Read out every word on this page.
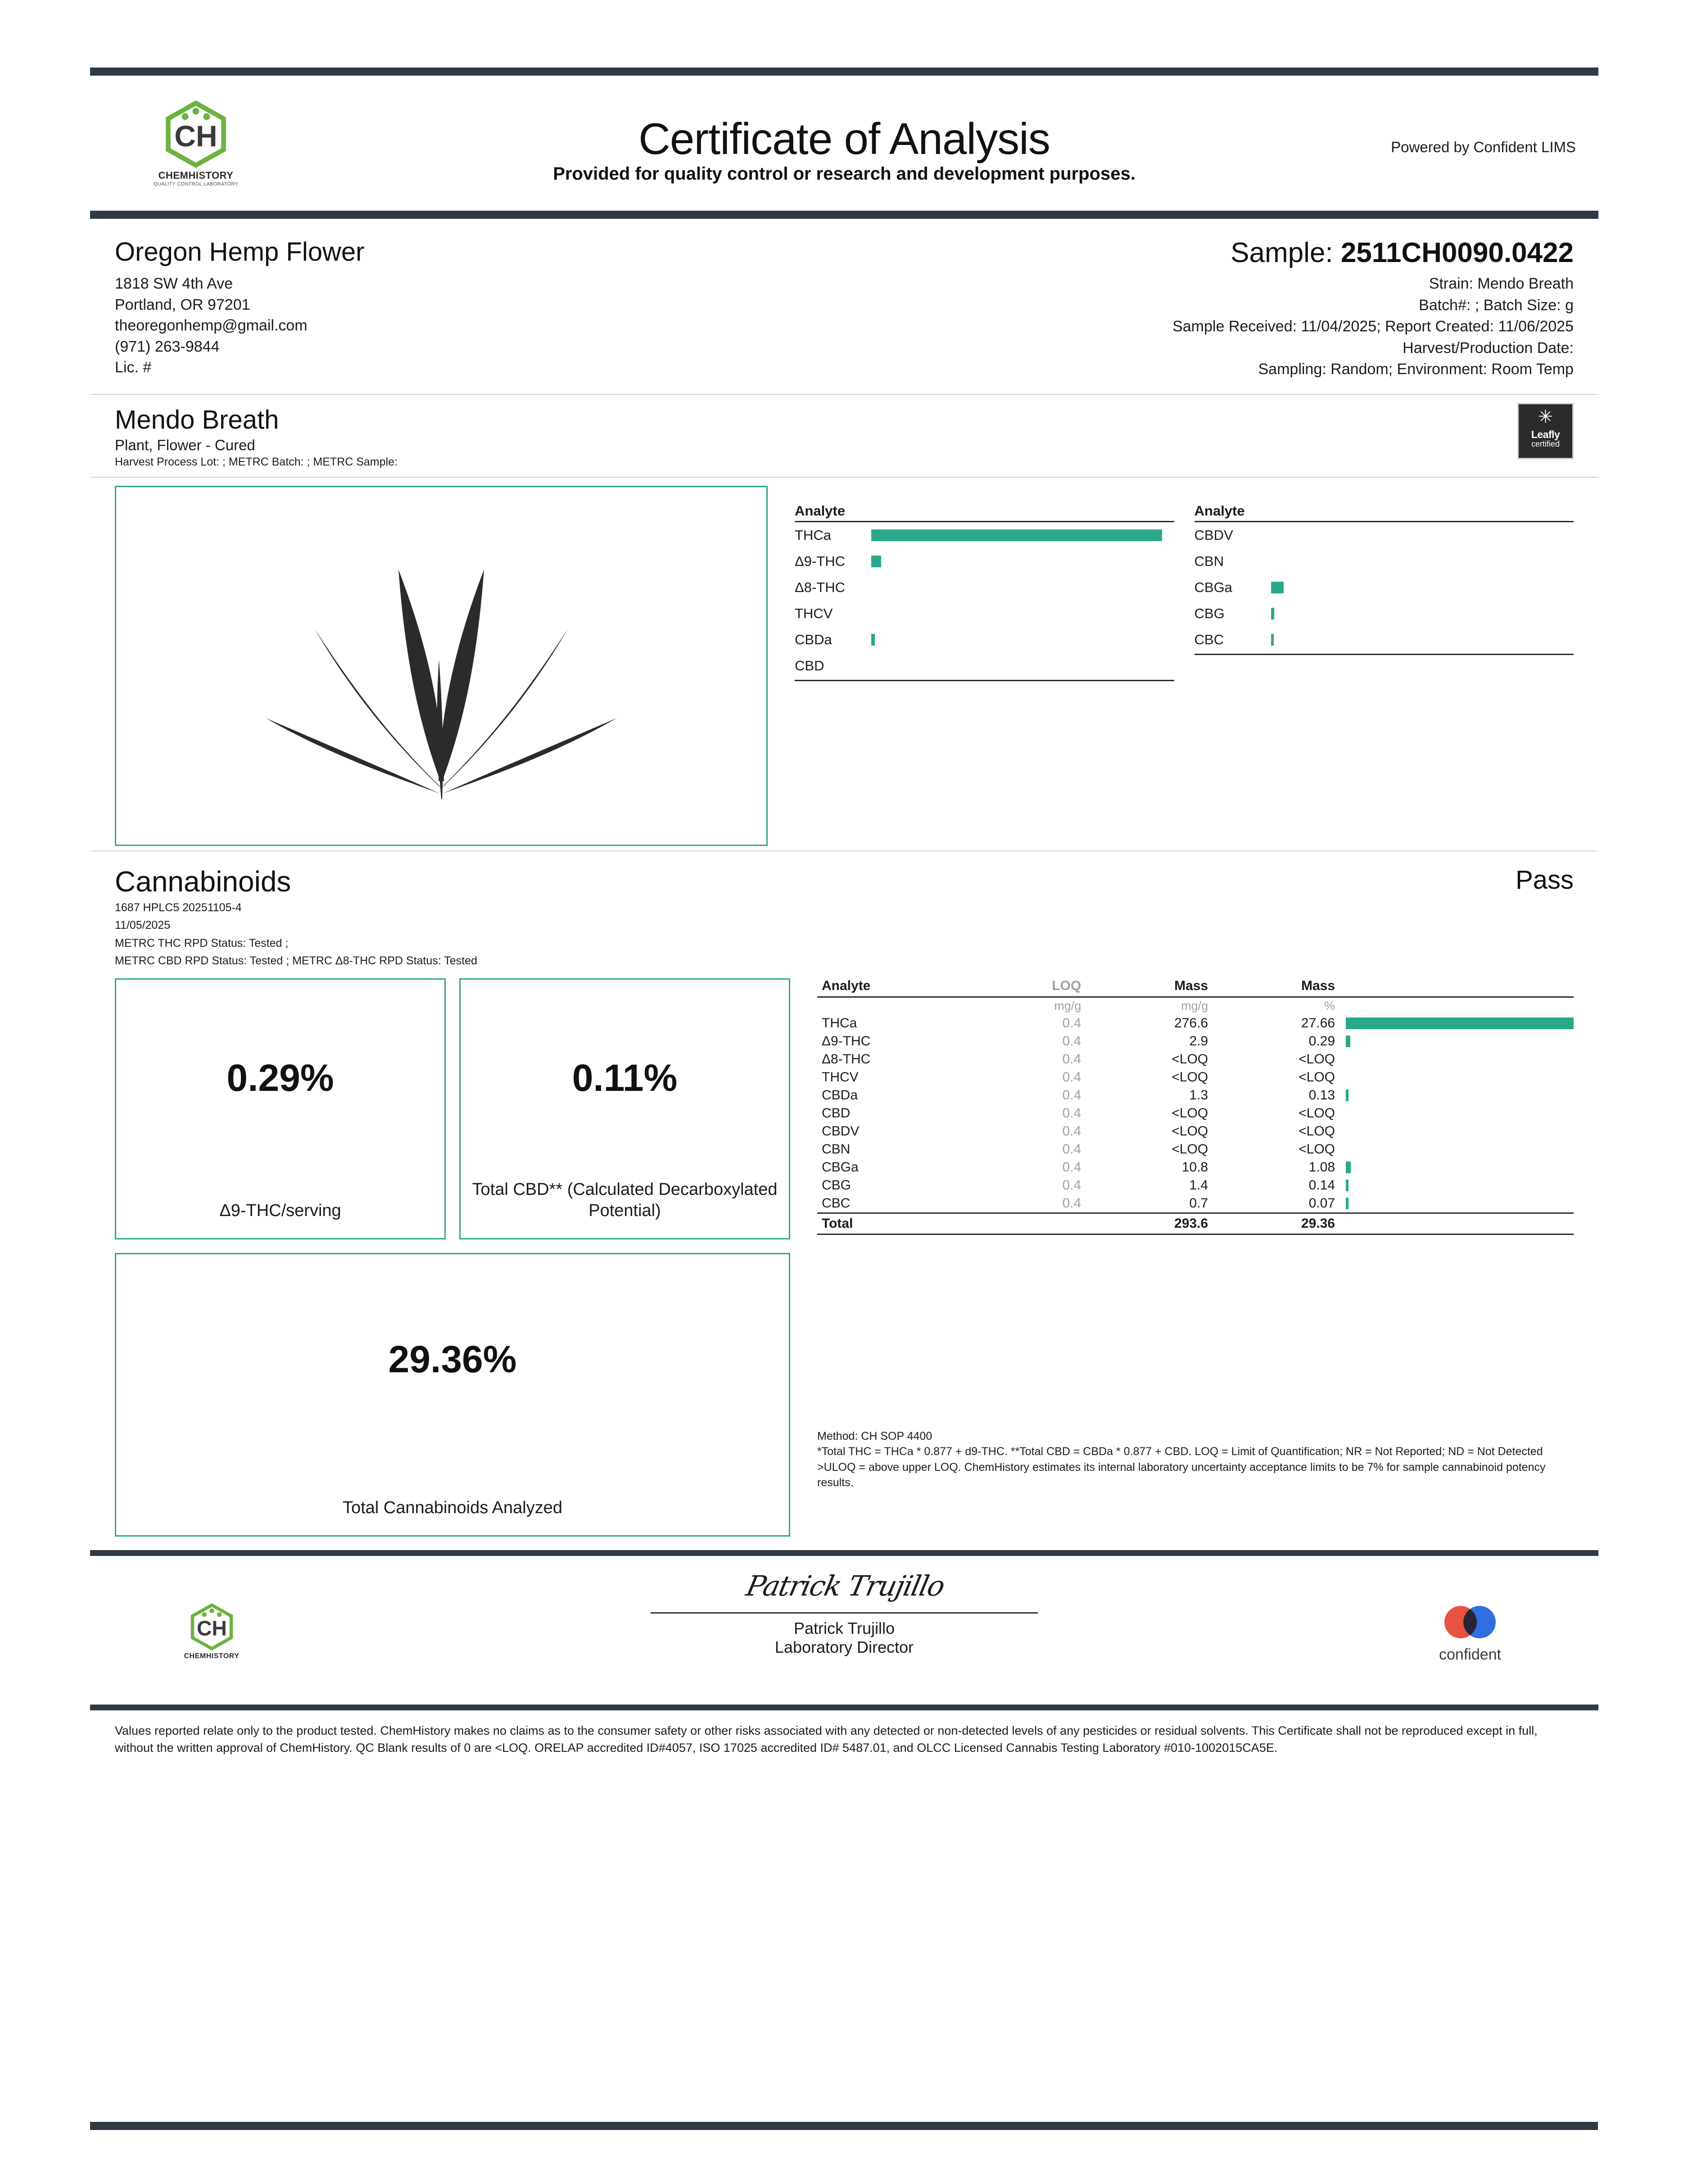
CH
CHEMHISTORY
QUALITY CONTROL LABORATORY
Certificate of Analysis
Provided for quality control or research and development purposes.
Powered by Confident LIMS
Oregon Hemp Flower
1818 SW 4th Ave
Portland, OR 97201
theoregonhemp@gmail.com
(971) 263-9844
Lic. #
Sample: 2511CH0090.0422
Strain: Mendo Breath
Batch#: ; Batch Size: g
Sample Received: 11/04/2025; Report Created: 11/06/2025
Harvest/Production Date:
Sampling: Random; Environment: Room Temp
Mendo Breath
Plant, Flower - Cured
Harvest Process Lot: ; METRC Batch: ; METRC Sample:
✳
Leafly
certified
Analyte
THCa
Δ9-THC
Δ8-THC
THCV
CBDa
CBD
Analyte
CBDV
CBN
CBGa
CBG
CBC
Cannabinoids	Pass
1687 HPLC5 20251105-4
11/05/2025
METRC THC RPD Status: Tested ;
METRC CBD RPD Status: Tested ; METRC Δ8-THC RPD Status: Tested
0.29%
Δ9-THC/serving
0.11%
Total CBD** (Calculated Decarboxylated Potential)
29.36%
Total Cannabinoids Analyzed
Analyte	LOQ	Mass	Mass	
	mg/g	mg/g	%	
THCa	0.4	276.6	27.66	

Δ9-THC	0.4	2.9	0.29	

Δ8-THC	0.4	<LOQ	<LOQ	
THCV	0.4	<LOQ	<LOQ	
CBDa	0.4	1.3	0.13	

CBD	0.4	<LOQ	<LOQ	
CBDV	0.4	<LOQ	<LOQ	
CBN	0.4	<LOQ	<LOQ	
CBGa	0.4	10.8	1.08	

CBG	0.4	1.4	0.14	

CBC	0.4	0.7	0.07	

Total		293.6	29.36	
Method: CH SOP 4400
*Total THC = THCa * 0.877 + d9-THC. **Total CBD = CBDa * 0.877 + CBD. LOQ = Limit of Quantification; NR = Not Reported; ND = Not Detected
>ULOQ = above upper LOQ. ChemHistory estimates its internal laboratory uncertainty acceptance limits to be 7% for sample cannabinoid potency results.
CH
CHEMHISTORY
Patrick Trujillo
Patrick Trujillo
Laboratory Director	confident
Values reported relate only to the product tested. ChemHistory makes no claims as to the consumer safety or other risks associated with any detected or non-detected levels of any pesticides or residual solvents. This Certificate shall not be reproduced except in full, without the written approval of ChemHistory. QC Blank results of 0 are <LOQ. ORELAP accredited ID#4057, ISO 17025 accredited ID# 5487.01, and OLCC Licensed Cannabis Testing Laboratory #010-1002015CA5E.
